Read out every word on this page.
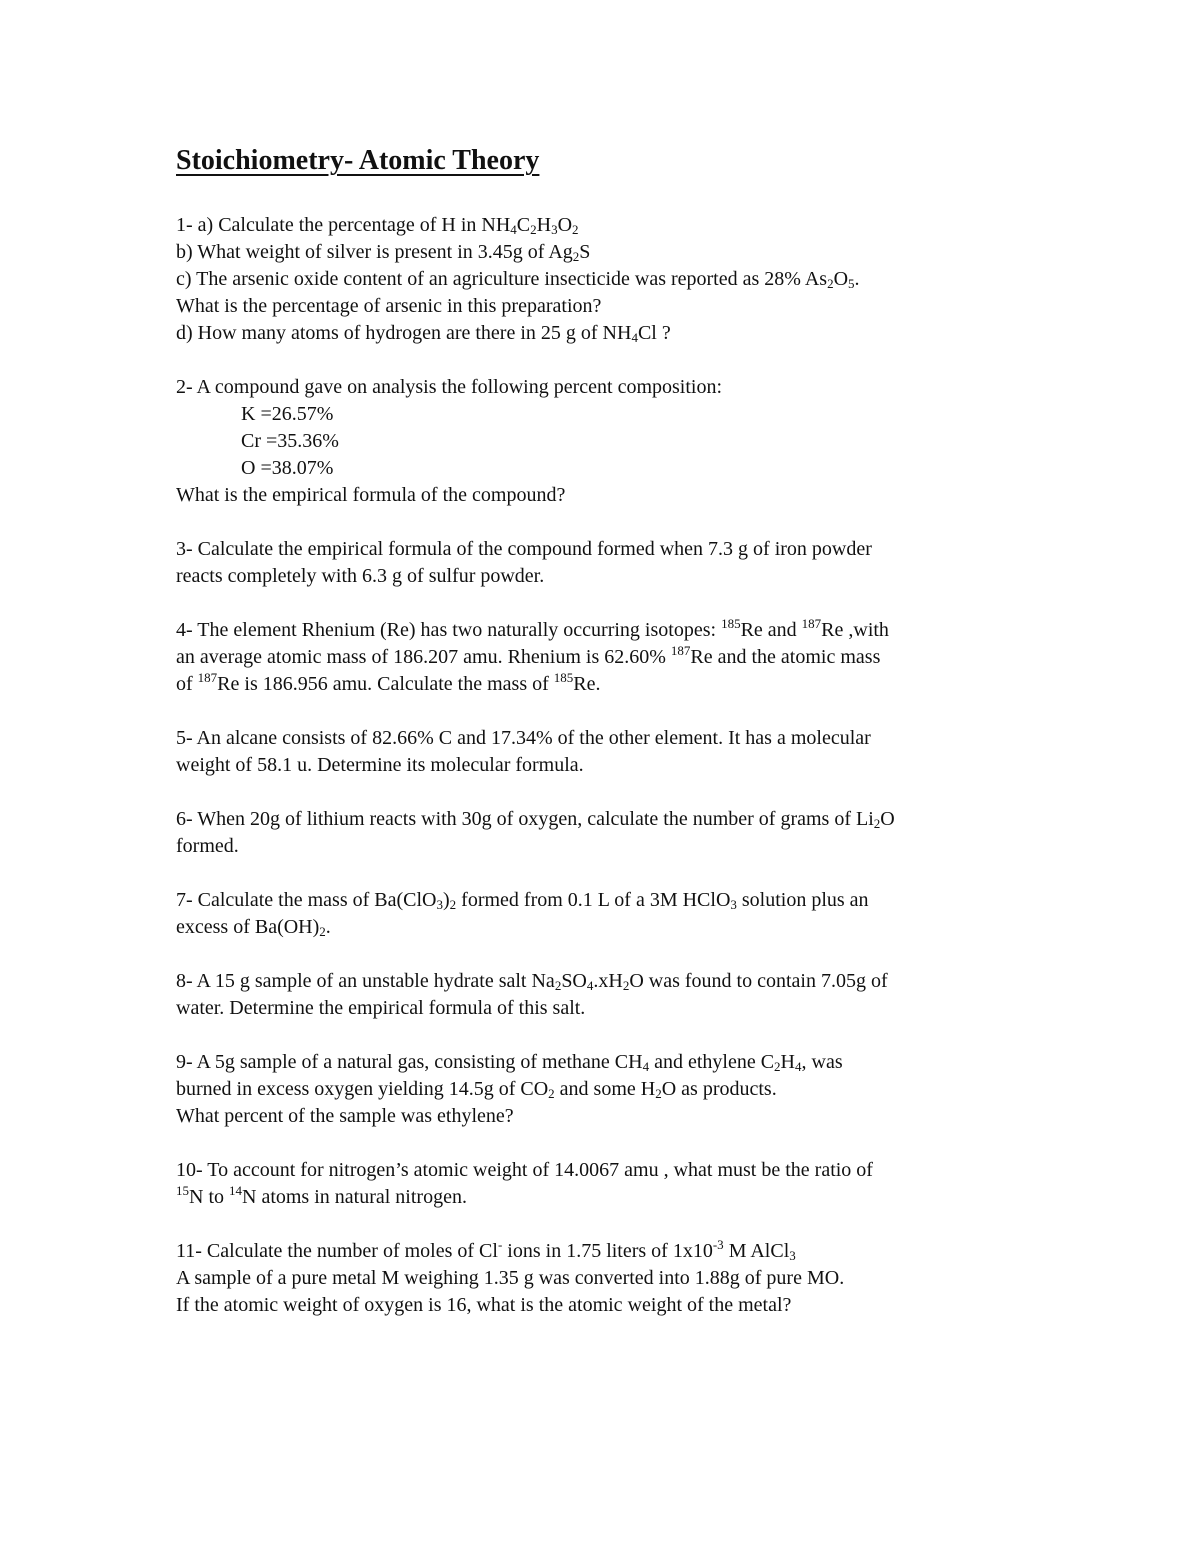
Stoichiometry- Atomic Theory
1- a) Calculate the percentage of H in $NH_4C_2H_3O_2$
b) What weight of silver is present in 3.45g of $Ag_2S$
c) The arsenic oxide content of an agriculture insecticide was reported as 28% $As_2O_5$.
What is the percentage of arsenic in this preparation?
d) How many atoms of hydrogen are there in 25 g of $NH_4Cl$ ?
2- A compound gave on analysis the following percent composition:
K =26.57%
Cr =35.36%
O =38.07%
What is the empirical formula of the compound?
3- Calculate the empirical formula of the compound formed when 7.3 g of iron powder
reacts completely with 6.3 g of sulfur powder.
4- The element Rhenium (Re) has two naturally occurring isotopes: $^{185}$Re and $^{187}$Re ,with
an average atomic mass of 186.207 amu. Rhenium is 62.60% $^{187}$Re and the atomic mass
of $^{187}$Re is 186.956 amu. Calculate the mass of $^{185}$Re.
5- An alcane consists of 82.66% C and 17.34% of the other element. It has a molecular
weight of 58.1 u. Determine its molecular formula.
6- When 20g of lithium reacts with 30g of oxygen, calculate the number of grams of $Li_2O$
formed.
7- Calculate the mass of $Ba(ClO_3)_2$ formed from 0.1 L of a 3M HClO$_3$ solution plus an
excess of $Ba(OH)_2$.
8- A 15 g sample of an unstable hydrate salt $Na_2SO_4.xH_2O$ was found to contain 7.05g of
water. Determine the empirical formula of this salt.
9- A 5g sample of a natural gas, consisting of methane $CH_4$ and ethylene $C_2H_4$, was
burned in excess oxygen yielding 14.5g of $CO_2$ and some $H_2O$ as products.
What percent of the sample was ethylene?
10- To account for nitrogen’s atomic weight of 14.0067 amu , what must be the ratio of
$^{15}$N to $^{14}$N atoms in natural nitrogen.
11- Calculate the number of moles of Cl- ions in 1.75 liters of $1x10^{-3}$ M AlCl$_3$
A sample of a pure metal M weighing 1.35 g was converted into 1.88g of pure MO.
If the atomic weight of oxygen is 16, what is the atomic weight of the metal?
